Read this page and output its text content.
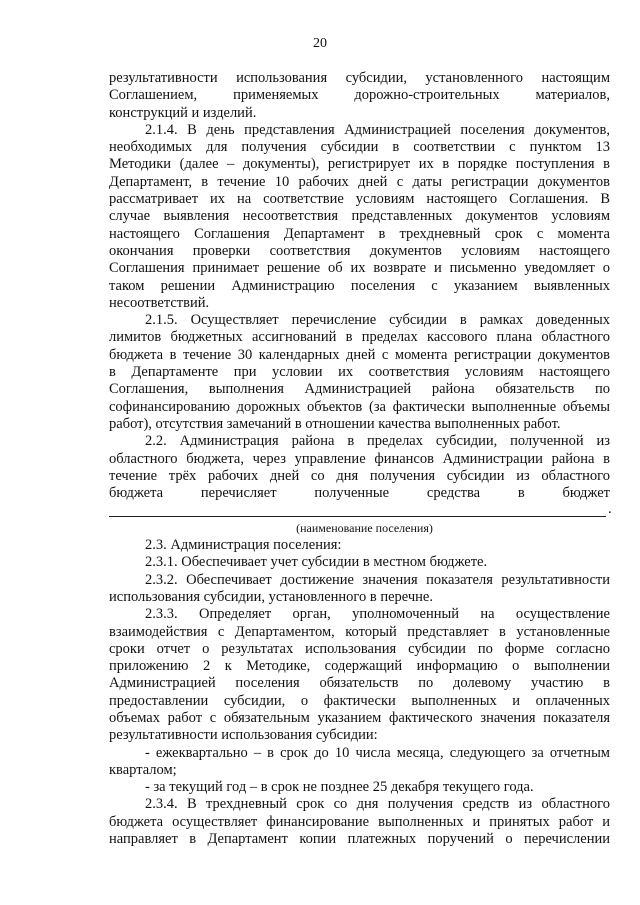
20
результативности использования субсидии, установленного настоящим
Соглашением, применяемых дорожно-строительных материалов,
конструкций и изделий.
2.1.4. В день представления Администрацией поселения документов,
необходимых для получения субсидии в соответствии с пунктом 13
Методики (далее – документы), регистрирует их в порядке поступления в
Департамент, в течение 10 рабочих дней с даты регистрации документов
рассматривает их на соответствие условиям настоящего Соглашения. В
случае выявления несоответствия представленных документов условиям
настоящего Соглашения Департамент в трехдневный срок с момента
окончания проверки соответствия документов условиям настоящего
Соглашения принимает решение об их возврате и письменно уведомляет о
таком решении Администрацию поселения с указанием выявленных
несоответствий.
2.1.5. Осуществляет перечисление субсидии в рамках доведенных
лимитов бюджетных ассигнований в пределах кассового плана областного
бюджета в течение 30 календарных дней с момента регистрации документов
в Департаменте при условии их соответствия условиям настоящего
Соглашения, выполнения Администрацией района обязательств по
софинансированию дорожных объектов (за фактически выполненные объемы
работ), отсутствия замечаний в отношении качества выполненных работ.
2.2. Администрация района в пределах субсидии, полученной из
областного бюджета, через управление финансов Администрации района в
течение трёх рабочих дней со дня получения субсидии из областного
бюджета перечисляет полученные средства в бюджет
.
(наименование поселения)
2.3. Администрация поселения:
2.3.1. Обеспечивает учет субсидии в местном бюджете.
2.3.2. Обеспечивает достижение значения показателя результативности
использования субсидии, установленного в перечне.
2.3.3. Определяет орган, уполномоченный на осуществление
взаимодействия с Департаментом, который представляет в установленные
сроки отчет о результатах использования субсидии по форме согласно
приложению 2 к Методике, содержащий информацию о выполнении
Администрацией поселения обязательств по долевому участию в
предоставлении субсидии, о фактически выполненных и оплаченных
объемах работ с обязательным указанием фактического значения показателя
результативности использования субсидии:
- ежеквартально – в срок до 10 числа месяца, следующего за отчетным
кварталом;
- за текущий год – в срок не позднее 25 декабря текущего года.
2.3.4. В трехдневный срок со дня получения средств из областного
бюджета осуществляет финансирование выполненных и принятых работ и
направляет в Департамент копии платежных поручений о перечислении
